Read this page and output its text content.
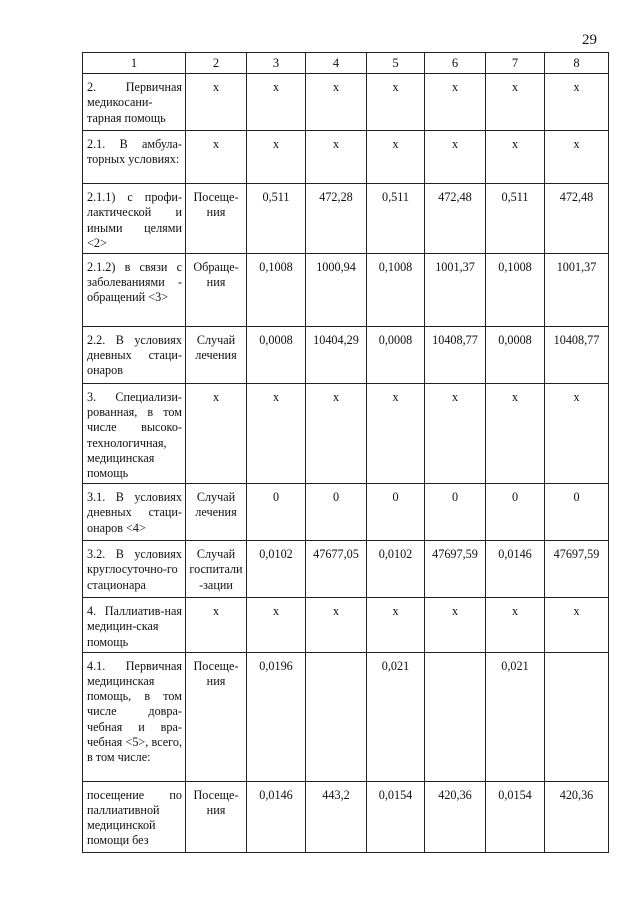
29
1	2	3	4	5	6	7	8
2. Первичная медикосани-тарная помощь	x	x	x	x	x	x	x
2.1. В амбула-торных условиях:	x	x	x	x	x	x	x
2.1.1) с профи-лактической и иными целями <2>	Посеще-ния	0,511	472,28	0,511	472,48	0,511	472,48
2.1.2) в связи с заболеваниями - обращений <3>	Обраще-ния	0,1008	1000,94	0,1008	1001,37	0,1008	1001,37
2.2. В условиях дневных стаци-онаров	Случай лечения	0,0008	10404,29	0,0008	10408,77	0,0008	10408,77
3. Специализи-рованная, в том числе высоко-технологичная, медицинская помощь	x	x	x	x	x	x	x
3.1. В условиях дневных стаци-онаров <4>	Случай лечения	0	0	0	0	0	0
3.2. В условиях круглосуточно-го стационара	Случай госпитали-зации	0,0102	47677,05	0,0102	47697,59	0,0146	47697,59
4. Паллиатив-ная медицин-ская помощь	x	x	x	x	x	x	x
4.1. Первичная медицинская помощь, в том числе довра-чебная и вра-чебная <5>, всего, в том числе:	Посеще-ния	0,0196		0,021		0,021	
посещение по паллиативной медицинской помощи без	Посеще-ния	0,0146	443,2	0,0154	420,36	0,0154	420,36
